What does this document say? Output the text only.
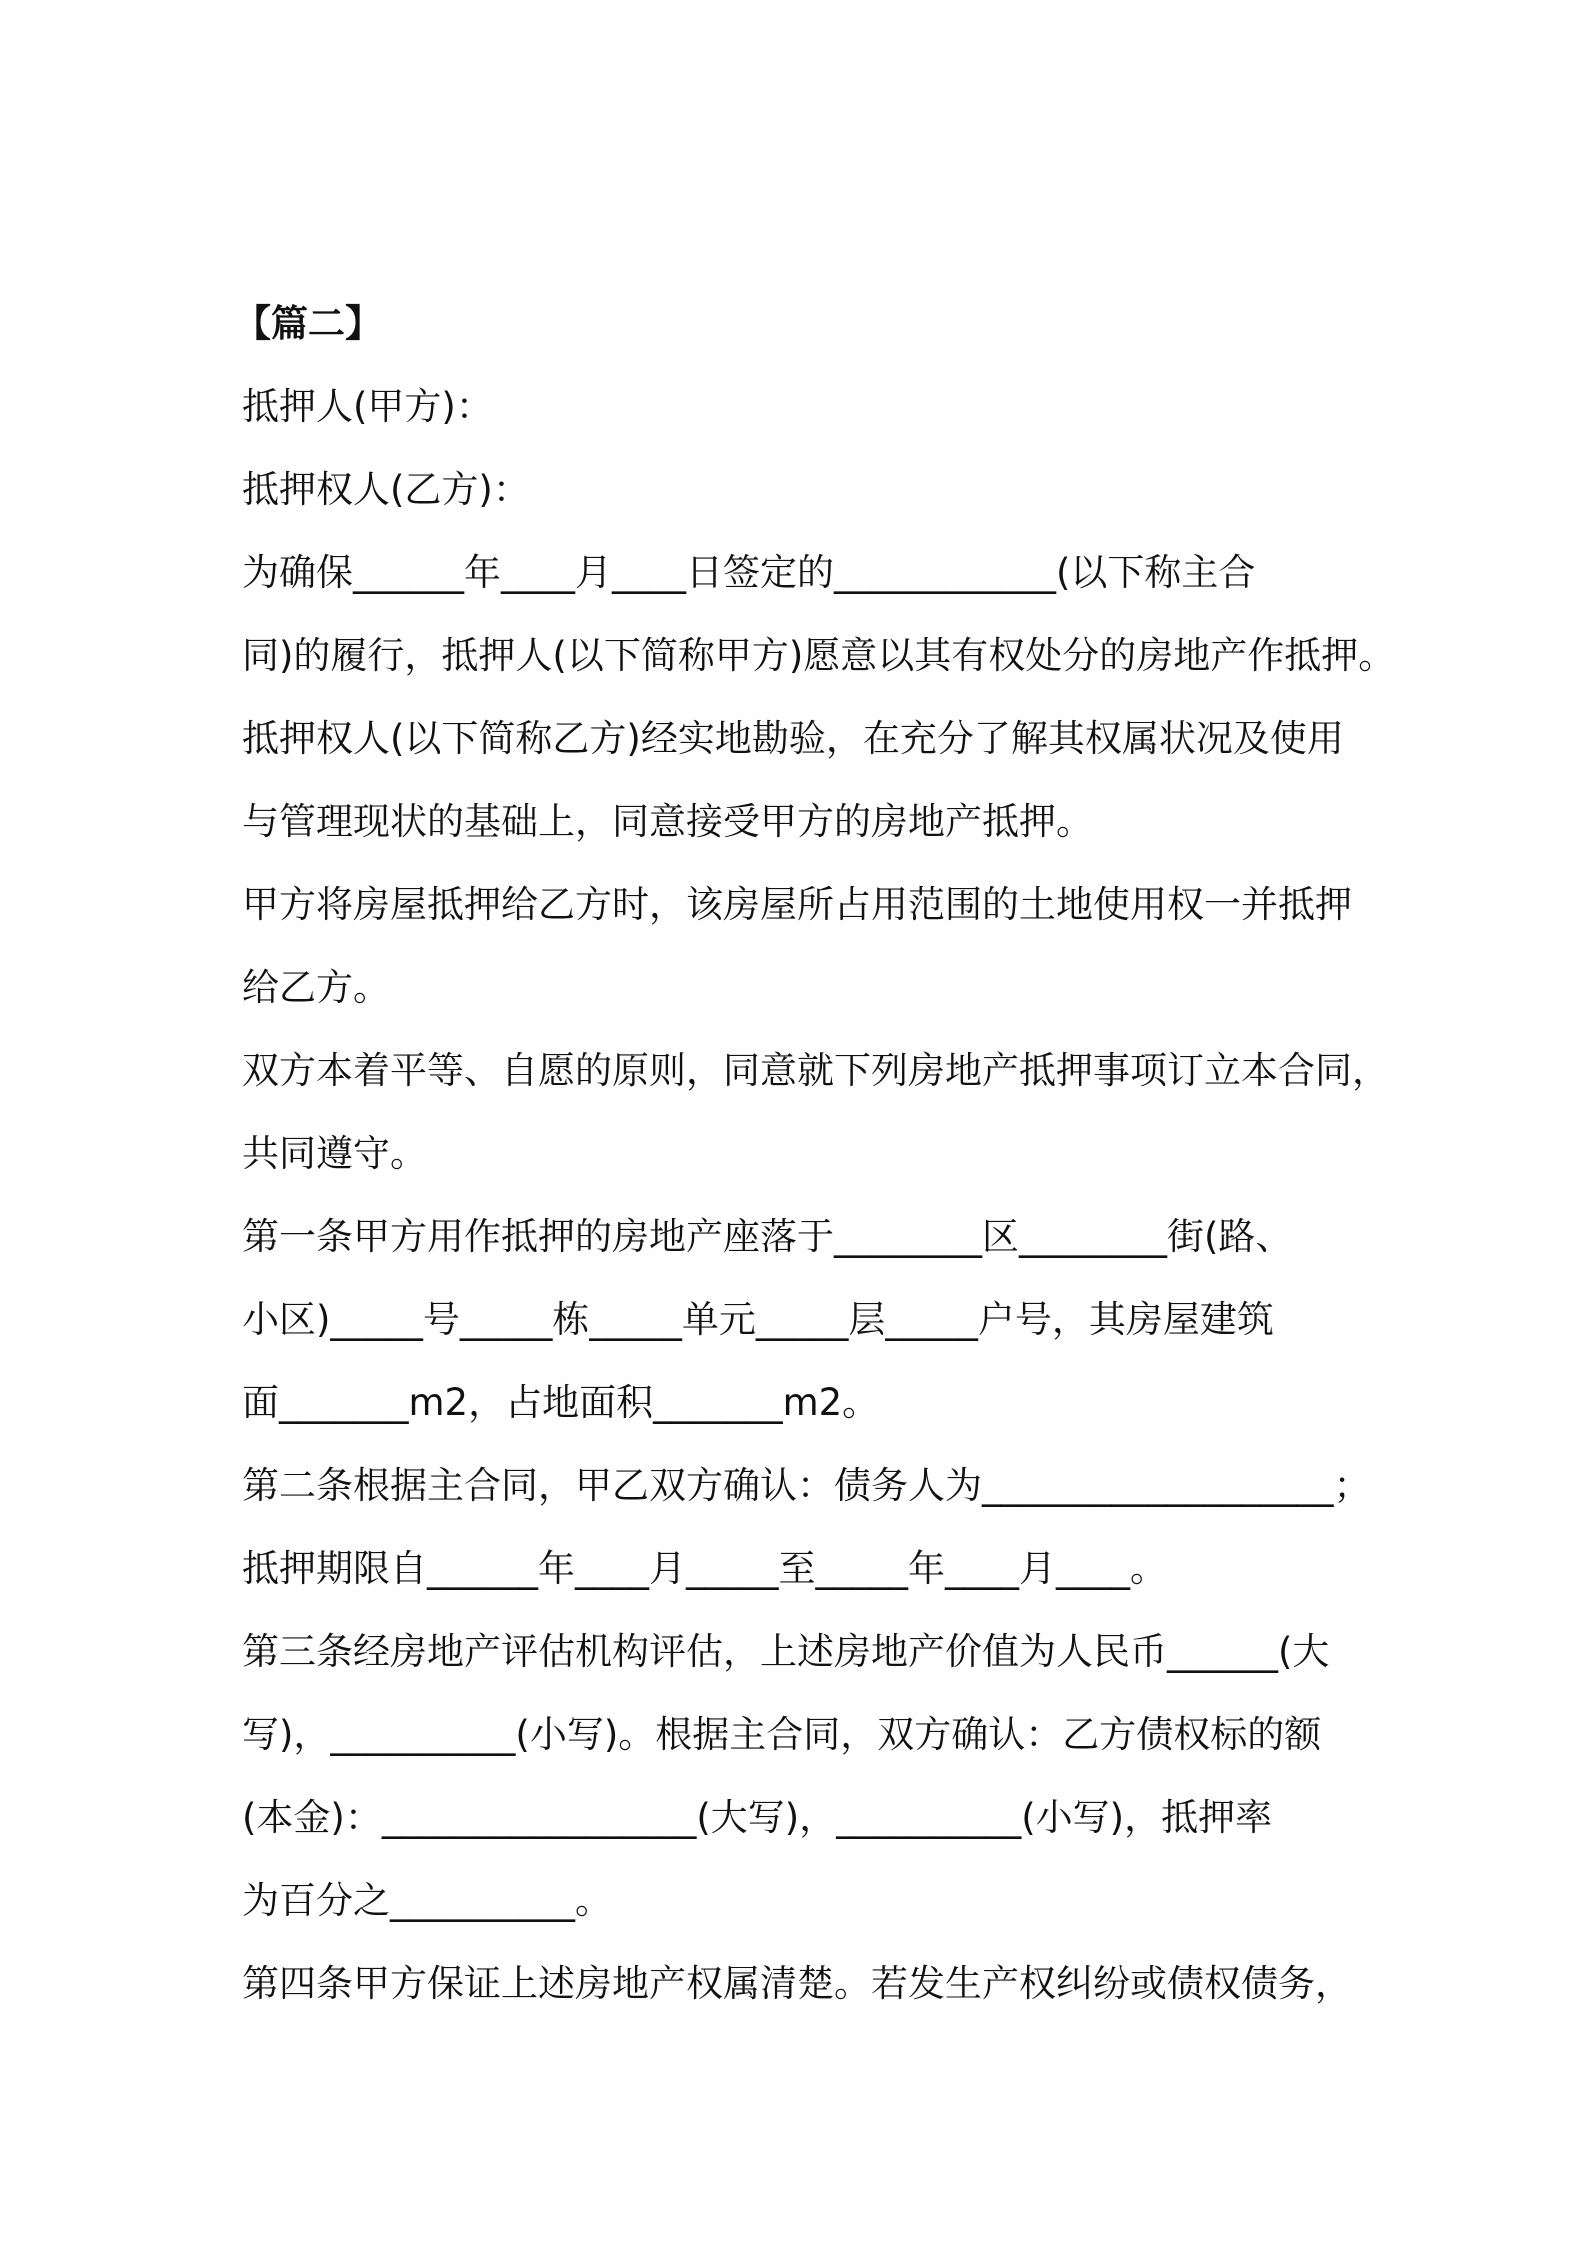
【篇二】
抵押人(甲方)：
抵押权人(乙方)：
为确保______年____月____日签定的____________(以下称主合
同)的履行，抵押人(以下简称甲方)愿意以其有权处分的房地产作抵押。
抵押权人(以下简称乙方)经实地勘验，在充分了解其权属状况及使用
与管理现状的基础上，同意接受甲方的房地产抵押。
甲方将房屋抵押给乙方时，该房屋所占用范围的土地使用权一并抵押
给乙方。
双方本着平等、自愿的原则，同意就下列房地产抵押事项订立本合同，
共同遵守。
第一条甲方用作抵押的房地产座落于________区________街(路、
小区)_____号_____栋_____单元_____层_____户号，其房屋建筑
面_______m2，占地面积_______m2。
第二条根据主合同，甲乙双方确认：债务人为___________________；
抵押期限自______年____月_____至_____年____月____。
第三条经房地产评估机构评估，上述房地产价值为人民币______(大
写)，__________(小写)。根据主合同，双方确认：乙方债权标的额
(本金)：_________________(大写)，__________(小写)，抵押率
为百分之__________。
第四条甲方保证上述房地产权属清楚。若发生产权纠纷或债权债务，
